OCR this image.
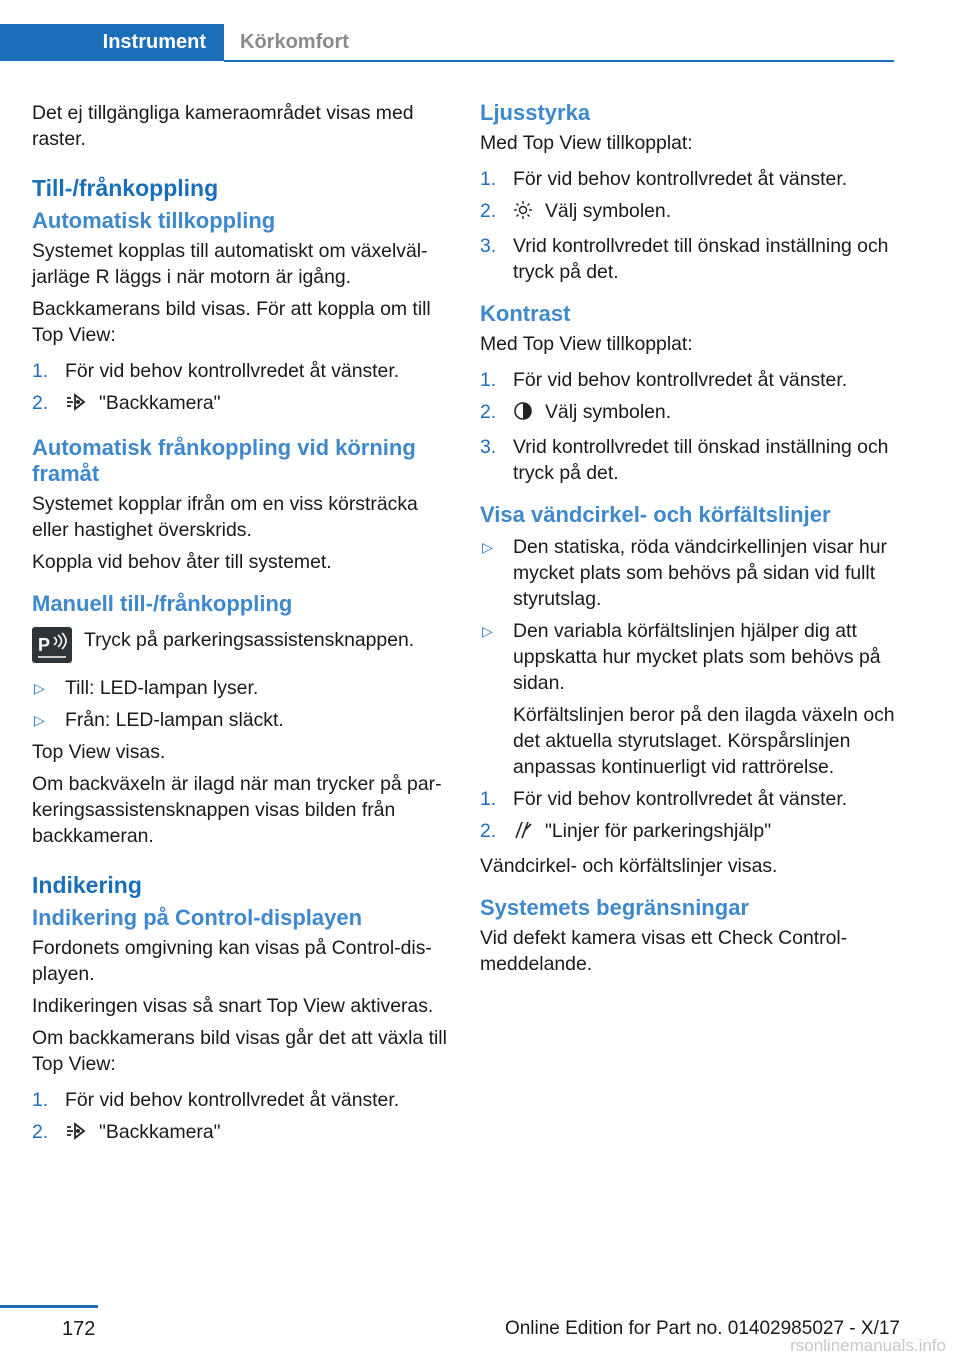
Instrument	Körkomfort

Det ej tillgängliga kameraområdet visas med raster.

Till-/frånkoppling
Automatisk tillkoppling

Systemet kopplas till automatiskt om växelväljarläge R läggs i när motorn är igång.

Backkamerans bild visas. För att koppla om till Top View:

1. För vid behov kontrollvredet åt vänster.
2.	"Backkamera"
Automatisk frånkoppling vid körning framåt

Systemet kopplar ifrån om en viss körsträcka eller hastighet överskrids.

Koppla vid behov åter till systemet.

Manuell till-/frånkoppling
P Tryck på parkeringsassistensknappen.
▷ Till: LED-lampan lyser.
▷ Från: LED-lampan släckt.

Top View visas.

Om backväxeln är ilagd när man trycker på parkeringsassistensknappen visas bilden från backkameran.

Indikering
Indikering på Control-displayen

Fordonets omgivning kan visas på Control-displayen.

Indikeringen visas så snart Top View aktiveras.

Om backkamerans bild visas går det att växla till Top View:

1. För vid behov kontrollvredet åt vänster.
2.	"Backkamera"
Ljusstyrka

Med Top View tillkopplat:

1. För vid behov kontrollvredet åt vänster.
2.	Välj symbolen.
3. Vrid kontrollvredet till önskad inställning och tryck på det.
Kontrast

Med Top View tillkopplat:

1. För vid behov kontrollvredet åt vänster.
2.	Välj symbolen.
3. Vrid kontrollvredet till önskad inställning och tryck på det.
Visa vändcirkel- och körfältslinjer
▷ Den statiska, röda vändcirkellinjen visar hur mycket plats som behövs på sidan vid fullt styrutslag.
▷ Den variabla körfältslinjen hjälper dig att uppskatta hur mycket plats som behövs på sidan.

Körfältslinjen beror på den ilagda växeln och det aktuella styrutslaget. Körspårslinjen anpassas kontinuerligt vid rattrörelse.

1. För vid behov kontrollvredet åt vänster.
2.	"Linjer för parkeringshjälp"

Vändcirkel- och körfältslinjer visas.

Systemets begränsningar

Vid defekt kamera visas ett Check Control-meddelande.

172	Online Edition for Part no. 01402985027 - X/17
rsonlinemanuals.info
